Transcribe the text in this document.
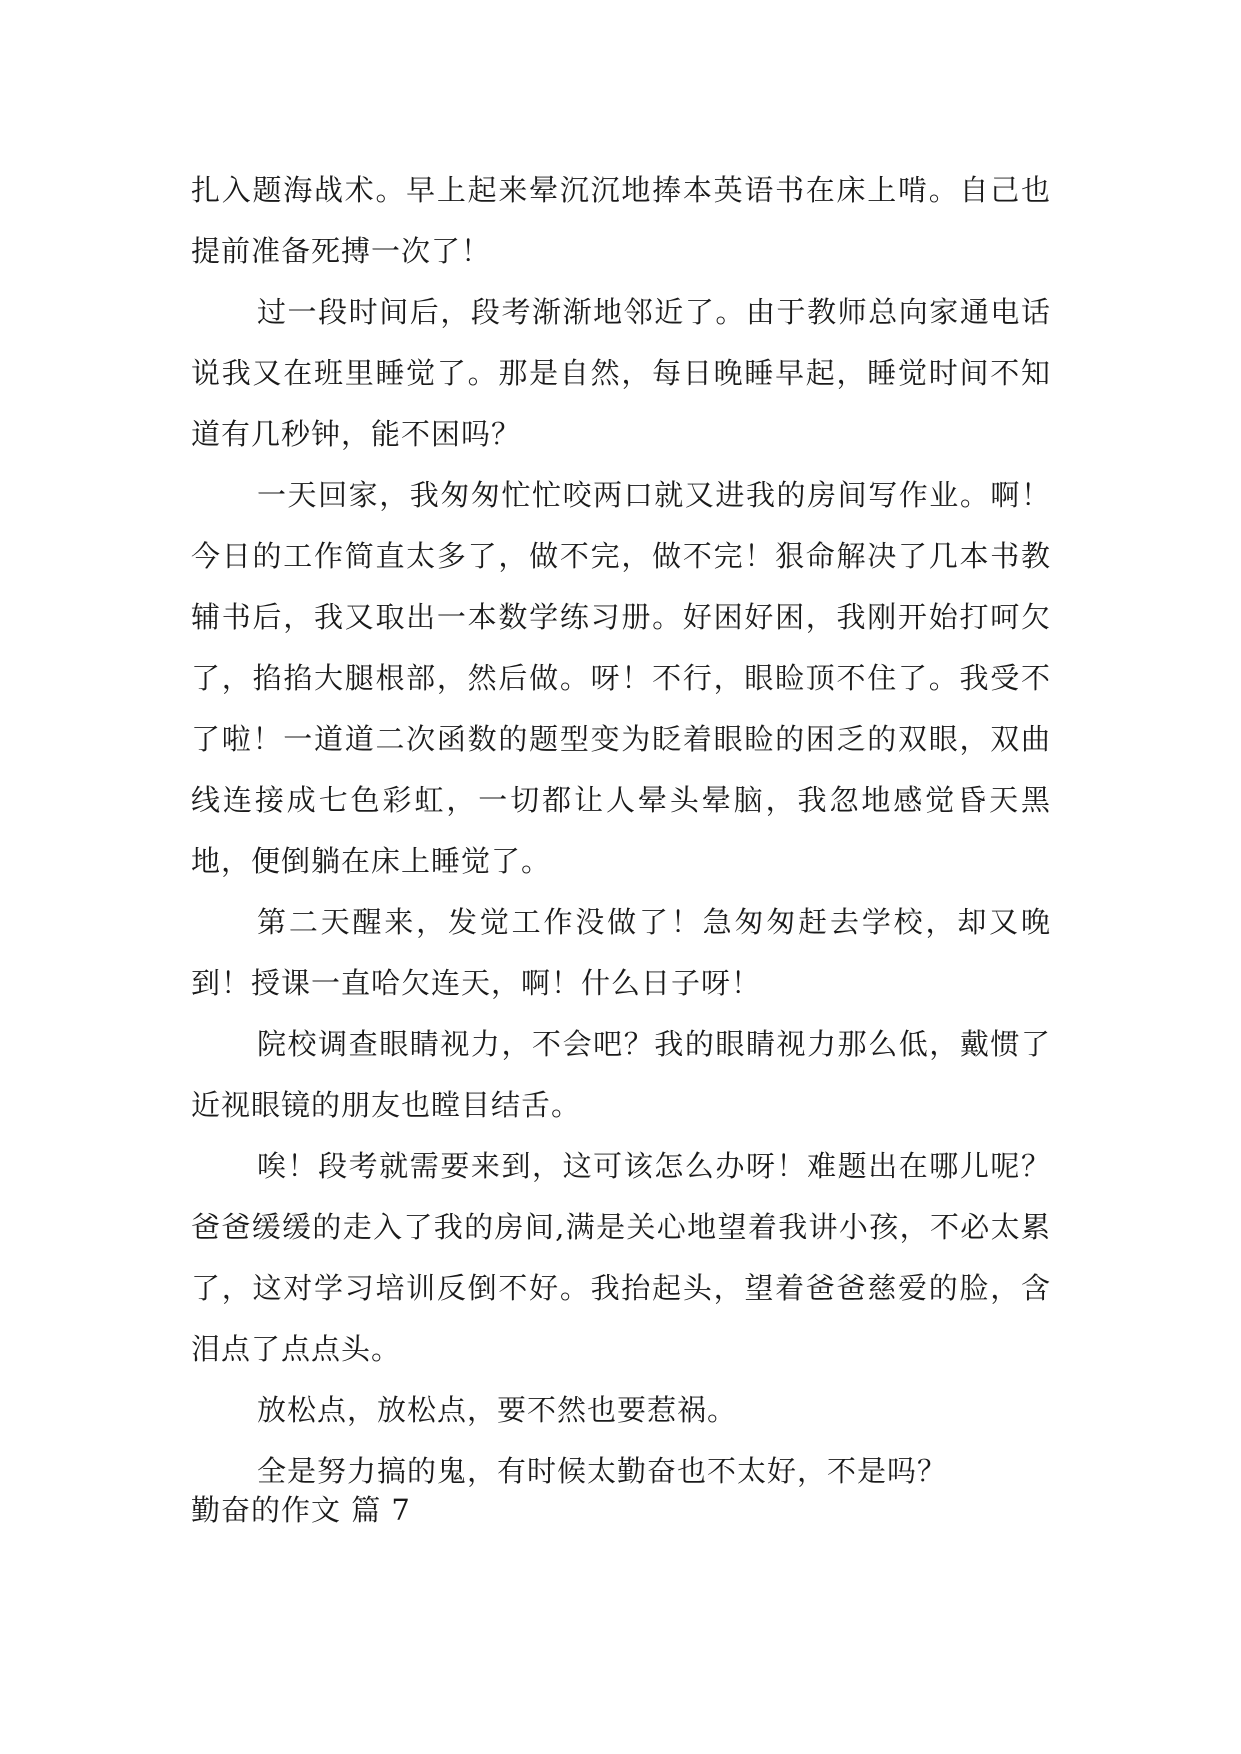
扎入题海战术。早上起来晕沉沉地捧本英语书在床上啃。自己也提前准备死搏一次了！

过一段时间后，段考渐渐地邻近了。由于教师总向家通电话说我又在班里睡觉了。那是自然，每日晚睡早起，睡觉时间不知道有几秒钟，能不困吗？

一天回家，我匆匆忙忙咬两口就又进我的房间写作业。啊！今日的工作简直太多了，做不完，做不完！狠命解决了几本书教辅书后，我又取出一本数学练习册。好困好困，我刚开始打呵欠了，掐掐大腿根部，然后做。呀！不行，眼睑顶不住了。我受不了啦！一道道二次函数的题型变为眨着眼睑的困乏的双眼，双曲线连接成七色彩虹，一切都让人晕头晕脑，我忽地感觉昏天黑地，便倒躺在床上睡觉了。

第二天醒来，发觉工作没做了！急匆匆赶去学校，却又晚到！授课一直哈欠连天，啊！什么日子呀！

院校调查眼睛视力，不会吧？我的眼睛视力那么低，戴惯了近视眼镜的朋友也瞠目结舌。

唉！段考就需要来到，这可该怎么办呀！难题出在哪儿呢？爸爸缓缓的走入了我的房间,满是关心地望着我讲小孩，不必太累了，这对学习培训反倒不好。我抬起头，望着爸爸慈爱的脸，含泪点了点点头。

放松点，放松点，要不然也要惹祸。

全是努力搞的鬼，有时候太勤奋也不太好，不是吗？

勤奋的作文 篇 7
